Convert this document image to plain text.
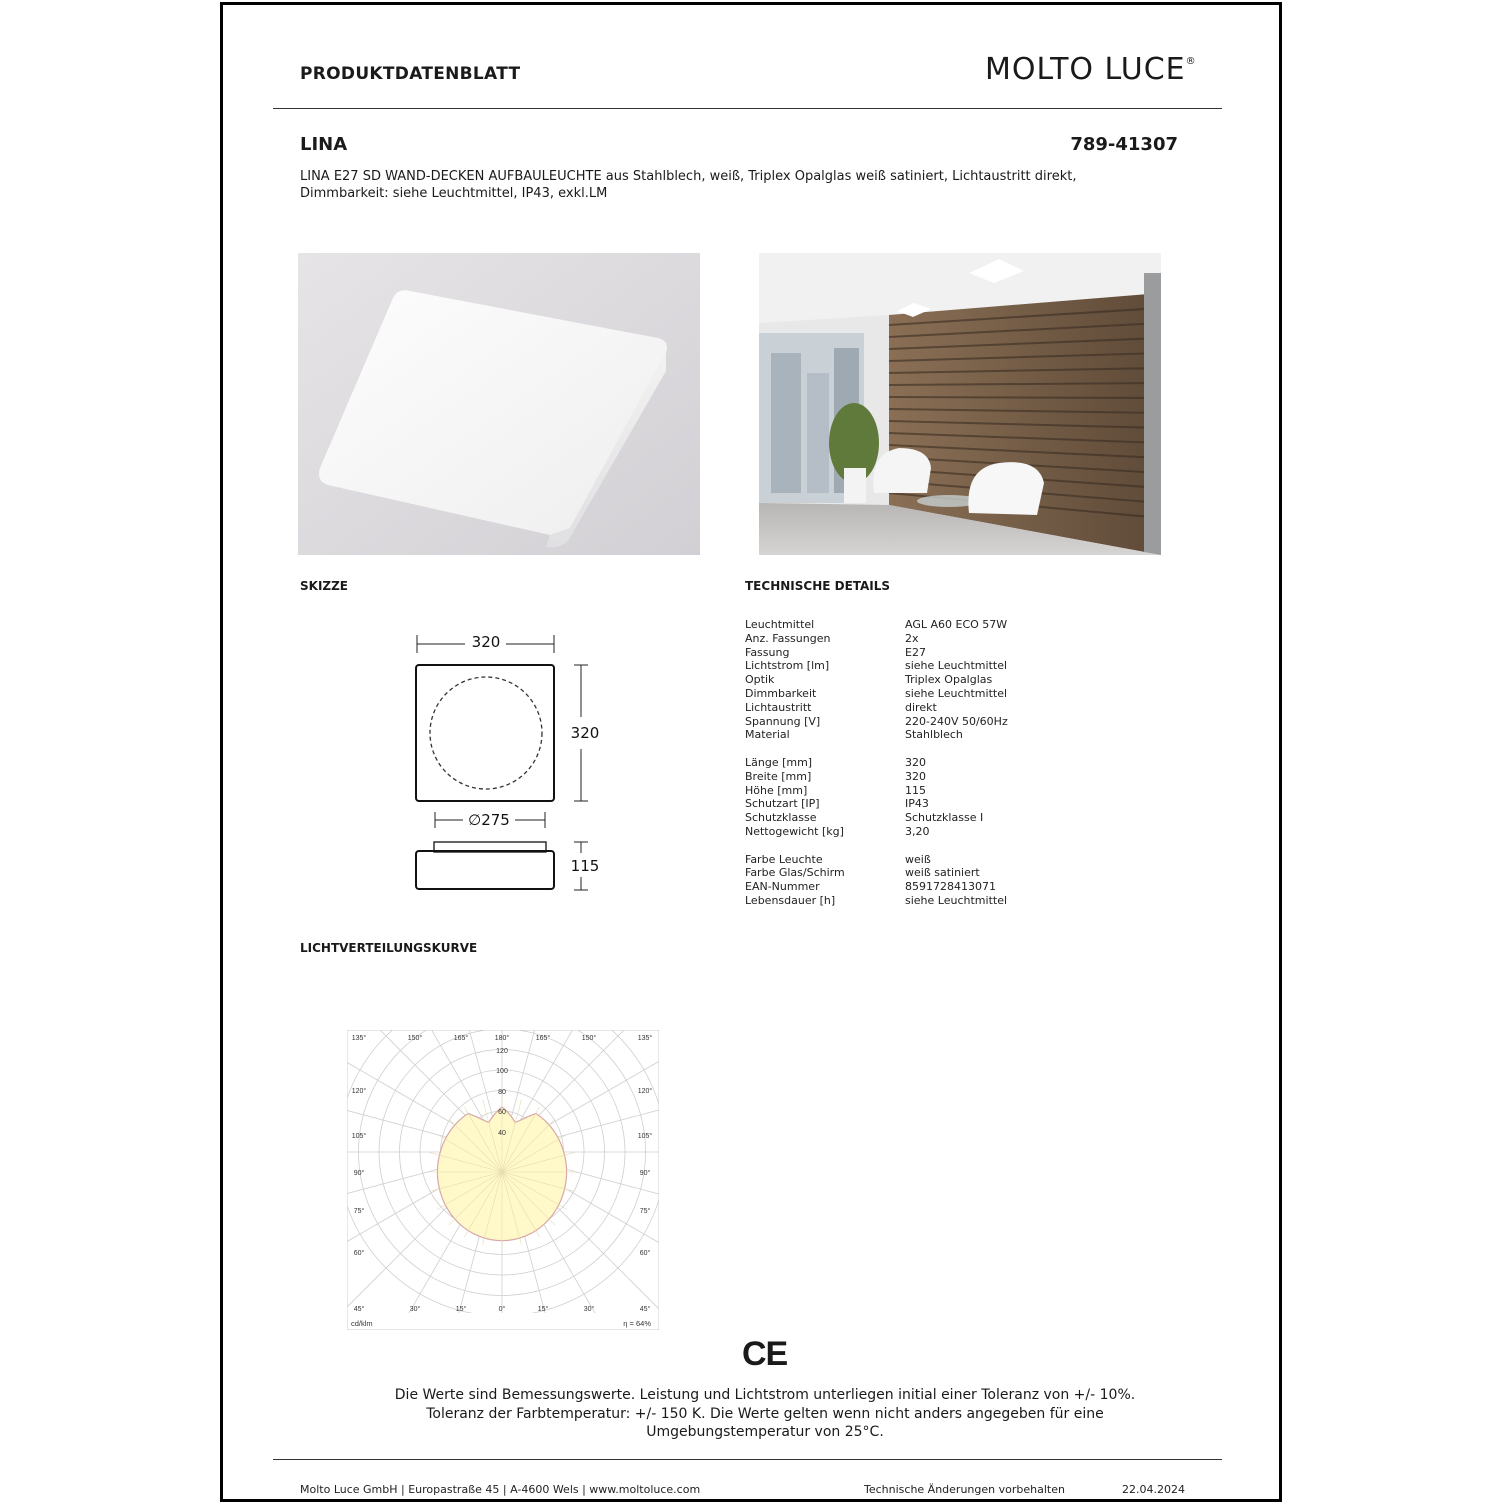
PRODUKTDATENBLATT	MOLTO LUCE®
LINA	789-41307
LINA E27 SD WAND-DECKEN AUFBAULEUCHTE aus Stahlblech, weiß, Triplex Opalglas weiß satiniert, Lichtaustritt direkt, Dimmbarkeit: siehe Leuchtmittel, IP43, exkl.LM
SKIZZE
320
320
∅275
115
TECHNISCHE DETAILS
Leuchtmittel	AGL A60 ECO 57W
Anz. Fassungen	2x
Fassung	E27
Lichtstrom [lm]	siehe Leuchtmittel
Optik	Triplex Opalglas
Dimmbarkeit	siehe Leuchtmittel
Lichtaustritt	direkt
Spannung [V]	220-240V 50/60Hz
Material	Stahlblech

Länge [mm]	320
Breite [mm]	320
Höhe [mm]	115
Schutzart [IP]	IP43
Schutzklasse	Schutzklasse I
Nettogewicht [kg]	3,20

Farbe Leuchte	weiß
Farbe Glas/Schirm	weiß satiniert
EAN-Nummer	8591728413071
Lebensdauer [h]	siehe Leuchtmittel
LICHTVERTEILUNGSKURVE
135°	150°	165°	180°	165°	150°	135°
45°	30°	15°	0°	15°	30°	45°
120°	120°
105°	105°
90°	90°
75°	75°
60°	60°
120
100
80
60
40
cd/klm	η = 64%
CE
Die Werte sind Bemessungswerte. Leistung und Lichtstrom unterliegen initial einer Toleranz von +/- 10%.
Toleranz der Farbtemperatur: +/- 150 K. Die Werte gelten wenn nicht anders angegeben für eine
Umgebungstemperatur von 25°C.
Molto Luce GmbH | Europastraße 45 | A-4600 Wels | www.moltoluce.com	Technische Änderungen vorbehalten	22.04.2024
